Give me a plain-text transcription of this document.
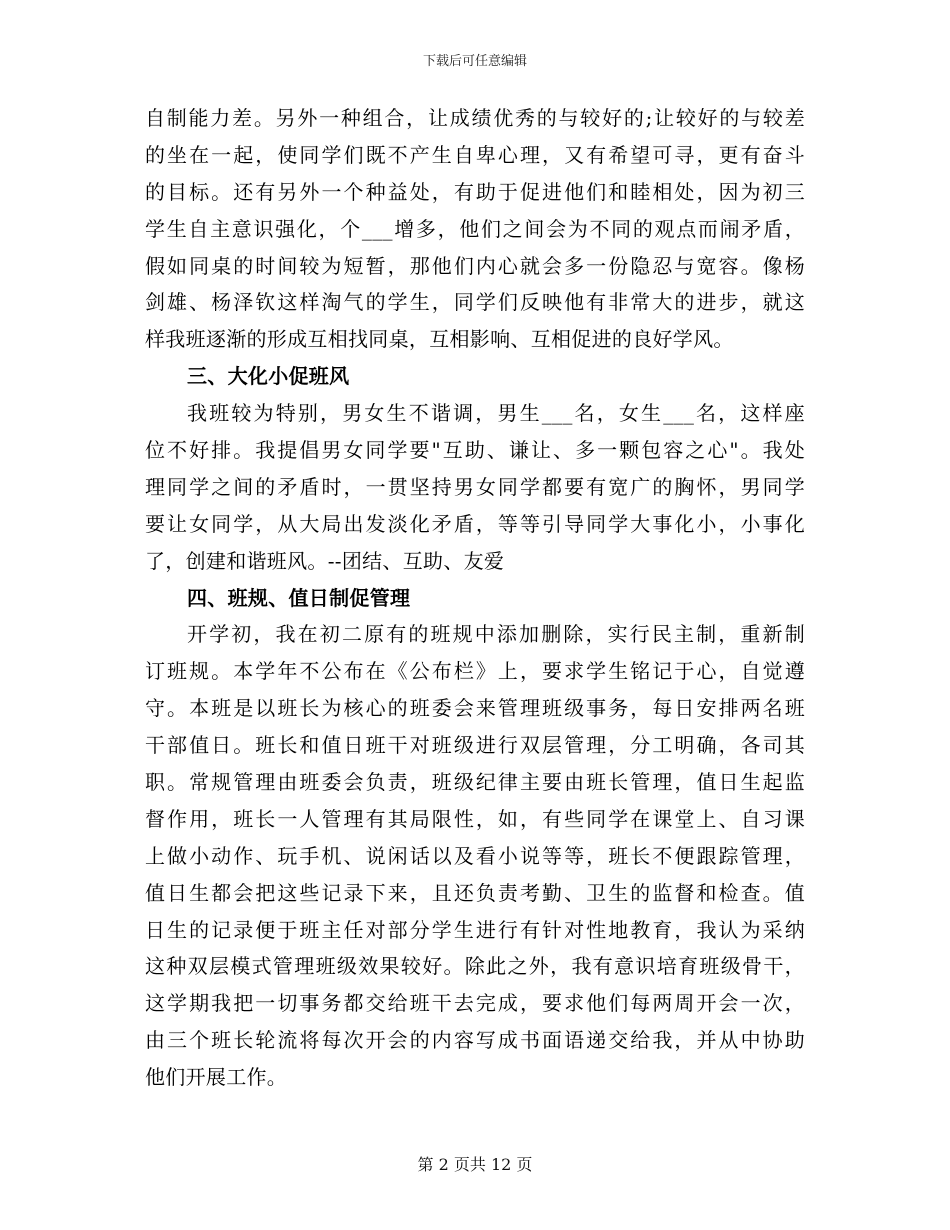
下载后可任意编辑
自制能力差。另外一种组合，让成绩优秀的与较好的;让较好的与较差
的坐在一起，使同学们既不产生自卑心理，又有希望可寻，更有奋斗
的目标。还有另外一个种益处，有助于促进他们和睦相处，因为初三
学生自主意识强化，个___增多，他们之间会为不同的观点而闹矛盾，
假如同桌的时间较为短暂，那他们内心就会多一份隐忍与宽容。像杨
剑雄、杨泽钦这样淘气的学生，同学们反映他有非常大的进步，就这
样我班逐渐的形成互相找同桌，互相影响、互相促进的良好学风。
三、大化小促班风
我班较为特别，男女生不谐调，男生___名，女生___名，这样座
位不好排。我提倡男女同学要"互助、谦让、多一颗包容之心"。我处
理同学之间的矛盾时，一贯坚持男女同学都要有宽广的胸怀，男同学
要让女同学，从大局出发淡化矛盾，等等引导同学大事化小，小事化
了，创建和谐班风。--团结、互助、友爱
四、班规、值日制促管理
开学初，我在初二原有的班规中添加删除，实行民主制，重新制
订班规。本学年不公布在《公布栏》上，要求学生铭记于心，自觉遵
守。本班是以班长为核心的班委会来管理班级事务，每日安排两名班
干部值日。班长和值日班干对班级进行双层管理，分工明确，各司其
职。常规管理由班委会负责，班级纪律主要由班长管理，值日生起监
督作用，班长一人管理有其局限性，如，有些同学在课堂上、自习课
上做小动作、玩手机、说闲话以及看小说等等，班长不便跟踪管理，
值日生都会把这些记录下来，且还负责考勤、卫生的监督和检查。值
日生的记录便于班主任对部分学生进行有针对性地教育，我认为采纳
这种双层模式管理班级效果较好。除此之外，我有意识培育班级骨干，
这学期我把一切事务都交给班干去完成，要求他们每两周开会一次，
由三个班长轮流将每次开会的内容写成书面语递交给我，并从中协助
他们开展工作。
第 2 页共 12 页
